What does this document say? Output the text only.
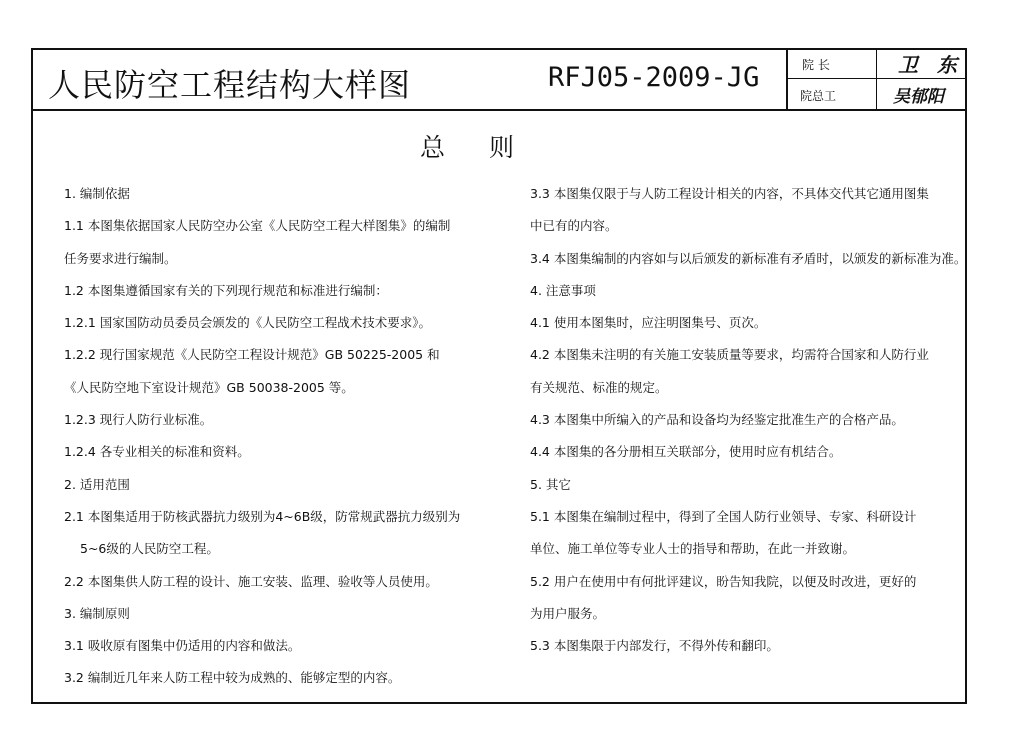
人民防空工程结构大样图	RFJ05-2009-JG	院 长
院总工
卫 东
吴郁阳
总 则
1. 编制依据
1.1 本图集依据国家人民防空办公室《人民防空工程大样图集》的编制
任务要求进行编制。
1.2 本图集遵循国家有关的下列现行规范和标准进行编制：
1.2.1 国家国防动员委员会颁发的《人民防空工程战术技术要求》。
1.2.2 现行国家规范《人民防空工程设计规范》GB 50225-2005 和
《人民防空地下室设计规范》GB 50038-2005 等。
1.2.3 现行人防行业标准。
1.2.4 各专业相关的标准和资料。
2. 适用范围
2.1 本图集适用于防核武器抗力级别为4~6B级，防常规武器抗力级别为
5~6级的人民防空工程。
2.2 本图集供人防工程的设计、施工安装、监理、验收等人员使用。
3. 编制原则
3.1 吸收原有图集中仍适用的内容和做法。
3.2 编制近几年来人防工程中较为成熟的、能够定型的内容。
3.3 本图集仅限于与人防工程设计相关的内容，不具体交代其它通用图集
中已有的内容。
3.4 本图集编制的内容如与以后颁发的新标准有矛盾时，以颁发的新标准为准。
4. 注意事项
4.1 使用本图集时，应注明图集号、页次。
4.2 本图集未注明的有关施工安装质量等要求，均需符合国家和人防行业
有关规范、标准的规定。
4.3 本图集中所编入的产品和设备均为经鉴定批准生产的合格产品。
4.4 本图集的各分册相互关联部分，使用时应有机结合。
5. 其它
5.1 本图集在编制过程中，得到了全国人防行业领导、专家、科研设计
单位、施工单位等专业人士的指导和帮助，在此一并致谢。
5.2 用户在使用中有何批评建议，盼告知我院，以便及时改进，更好的
为用户服务。
5.3 本图集限于内部发行，不得外传和翻印。
